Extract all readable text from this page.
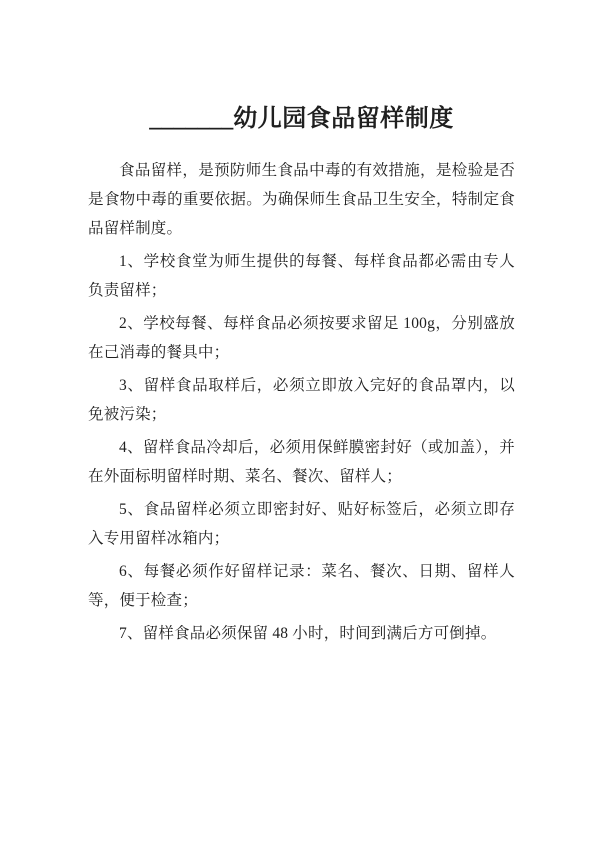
_______幼儿园食品留样制度

食品留样，是预防师生食品中毒的有效措施，是检验是否是食物中毒的重要依据。为确保师生食品卫生安全，特制定食品留样制度。

1、学校食堂为师生提供的每餐、每样食品都必需由专人负责留样；

2、学校每餐、每样食品必须按要求留足 100g，分别盛放在己消毒的餐具中；

3、留样食品取样后，必须立即放入完好的食品罩内，以免被污染；

4、留样食品冷却后，必须用保鲜膜密封好（或加盖），并在外面标明留样时期、菜名、餐次、留样人；

5、食品留样必须立即密封好、贴好标签后，必须立即存入专用留样冰箱内；

6、每餐必须作好留样记录：菜名、餐次、日期、留样人等，便于检查；

7、留样食品必须保留 48 小时，时间到满后方可倒掉。
